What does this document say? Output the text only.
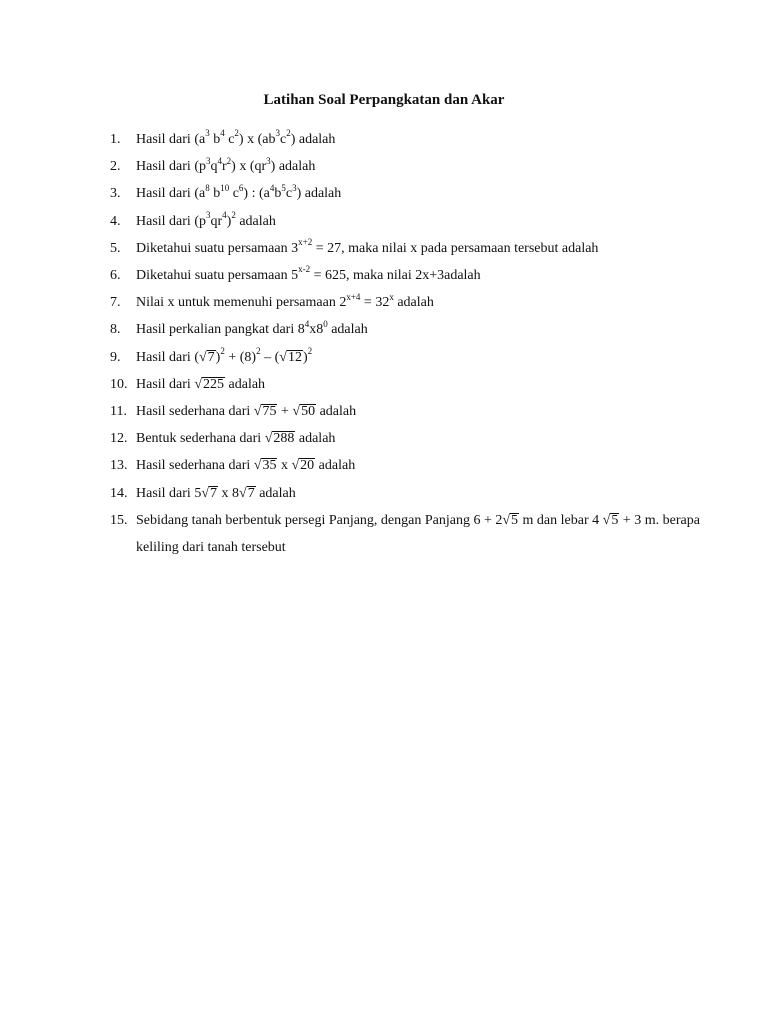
Latihan Soal Perpangkatan dan Akar
1.	Hasil dari ($a^3$ $b^4$ $c^2$) x $(ab^3c^2)$ adalah
2.	Hasil dari $(p^3q^4r^2)$ x $(qr^3)$ adalah
3.	Hasil dari ($a^8$ $b^{10}$ $c^6$) : $(a^4b^5c^3)$ adalah
4.	Hasil dari $(p^3qr^4)^2$ adalah
5.	Diketahui suatu persamaan $3^{x+2} = 27$, maka nilai x pada persamaan tersebut adalah
6.	Diketahui suatu persamaan $5^{x-2} = 625$, maka nilai 2x+3adalah
7.	Nilai x untuk memenuhi persamaan $2^{x+4} = 32^x$ adalah
8.	Hasil perkalian pangkat dari $8^4x8^0$ adalah
9.	Hasil dari $(√7)^2 + (8)^2 - (√12)^2$
10. Hasil dari √225 adalah
11. Hasil sederhana dari √75 + √50 adalah
12. Bentuk sederhana dari √288 adalah
13. Hasil sederhana dari √35 x √20 adalah
14. Hasil dari 5√7 x 8√7 adalah
15. Sebidang tanah berbentuk persegi Panjang, dengan Panjang 6 + 2√5 m dan lebar 4 √5 + 3 m. berapa keliling dari tanah tersebut
